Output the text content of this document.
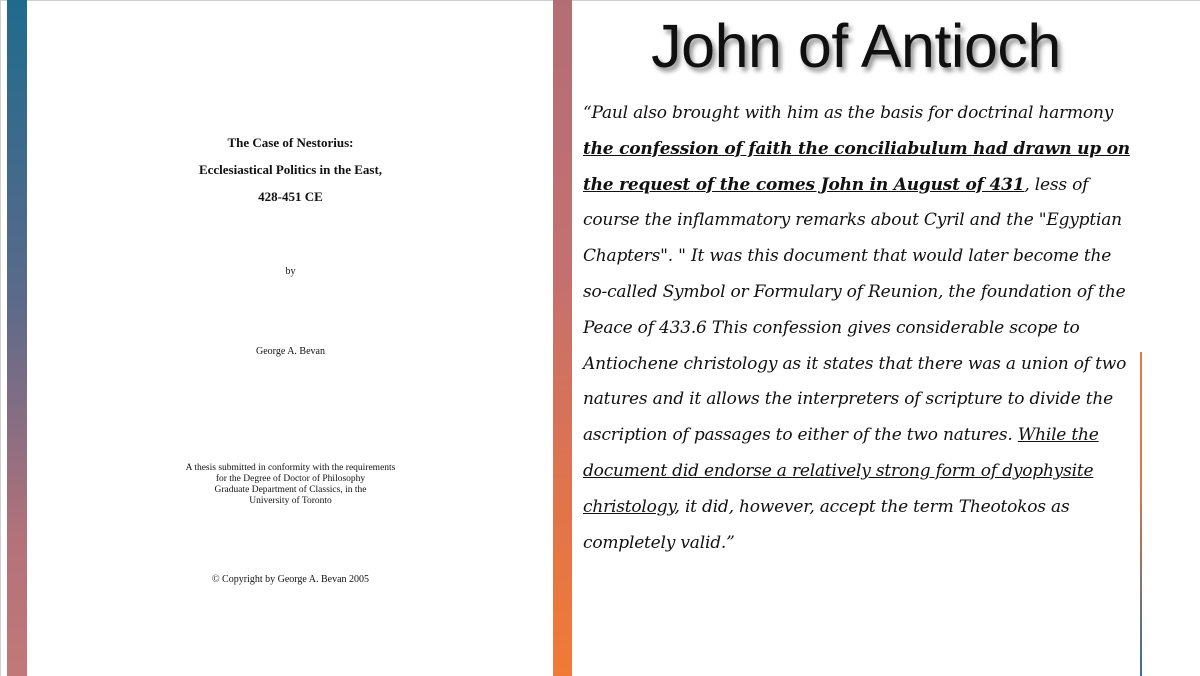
The Case of Nestorius:
Ecclesiastical Politics in the East,
428-451 CE
by
George A. Bevan
A thesis submitted in conformity with the requirements
for the Degree of Doctor of Philosophy
Graduate Department of Classics, in the
University of Toronto
© Copyright by George A. Bevan 2005
John of Antioch
“Paul also brought with him as the basis for doctrinal harmony the confession of faith the conciliabulum had drawn up on the request of the comes John in August of 431, less of course the inflammatory remarks about Cyril and the "Egyptian Chapters". " It was this document that would later become the so-called Symbol or Formulary of Reunion, the foundation of the Peace of 433.6 This confession gives considerable scope to Antiochene christology as it states that there was a union of two natures and it allows the interpreters of scripture to divide the ascription of passages to either of the two natures. While the document did endorse a relatively strong form of dyophysite christology, it did, however, accept the term Theotokos as completely valid.”
